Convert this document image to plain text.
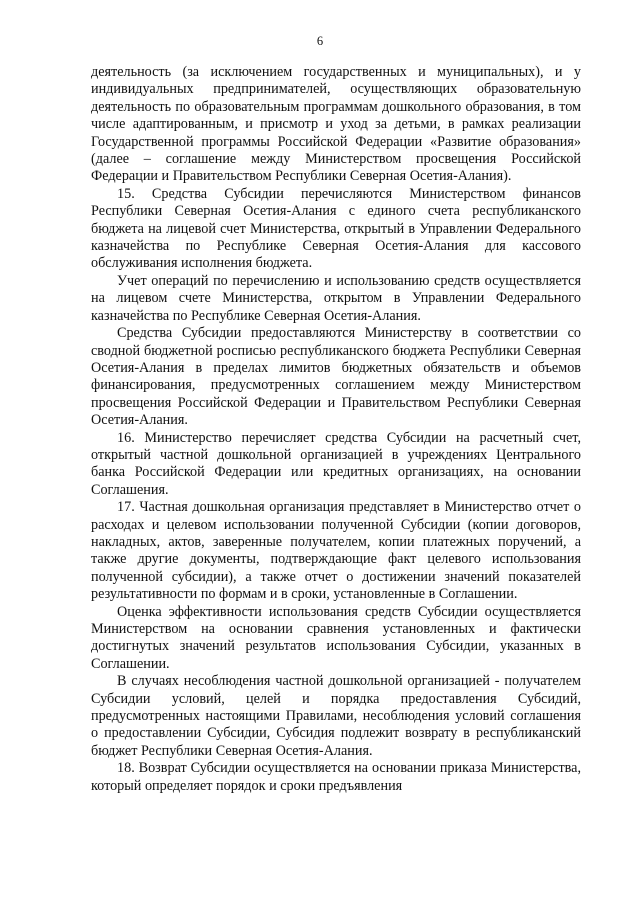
6

деятельность (за исключением государственных и муниципальных), и у индивидуальных предпринимателей, осуществляющих образовательную деятельность по образовательным программам дошкольного образования, в том числе адаптированным, и присмотр и уход за детьми, в рамках реализации Государственной программы Российской Федерации «Развитие образования» (далее – соглашение между Министерством просвещения Российской Федерации и Правительством Республики Северная Осетия-Алания).

15. Средства Субсидии перечисляются Министерством финансов Республики Северная Осетия-Алания с единого счета республиканского бюджета на лицевой счет Министерства, открытый в Управлении Федерального казначейства по Республике Северная Осетия-Алания для кассового обслуживания исполнения бюджета.

Учет операций по перечислению и использованию средств осуществляется на лицевом счете Министерства, открытом в Управлении Федерального казначейства по Республике Северная Осетия-Алания.

Средства Субсидии предоставляются Министерству в соответствии со сводной бюджетной росписью республиканского бюджета Республики Северная Осетия-Алания в пределах лимитов бюджетных обязательств и объемов финансирования, предусмотренных соглашением между Министерством просвещения Российской Федерации и Правительством Республики Северная Осетия-Алания.

16. Министерство перечисляет средства Субсидии на расчетный счет, открытый частной дошкольной организацией в учреждениях Центрального банка Российской Федерации или кредитных организациях, на основании Соглашения.

17. Частная дошкольная организация представляет в Министерство отчет о расходах и целевом использовании полученной Субсидии (копии договоров, накладных, актов, заверенные получателем, копии платежных поручений, а также другие документы, подтверждающие факт целевого использования полученной субсидии), а также отчет о достижении значений показателей результативности по формам и в сроки, установленные в Соглашении.

Оценка эффективности использования средств Субсидии осуществляется Министерством на основании сравнения установленных и фактически достигнутых значений результатов использования Субсидии, указанных в Соглашении.

В случаях несоблюдения частной дошкольной организацией - получателем Субсидии условий, целей и порядка предоставления Субсидий, предусмотренных настоящими Правилами, несоблюдения условий соглашения о предоставлении Субсидии, Субсидия подлежит возврату в республиканский бюджет Республики Северная Осетия-Алания.

18. Возврат Субсидии осуществляется на основании приказа Министерства, который определяет порядок и сроки предъявления
